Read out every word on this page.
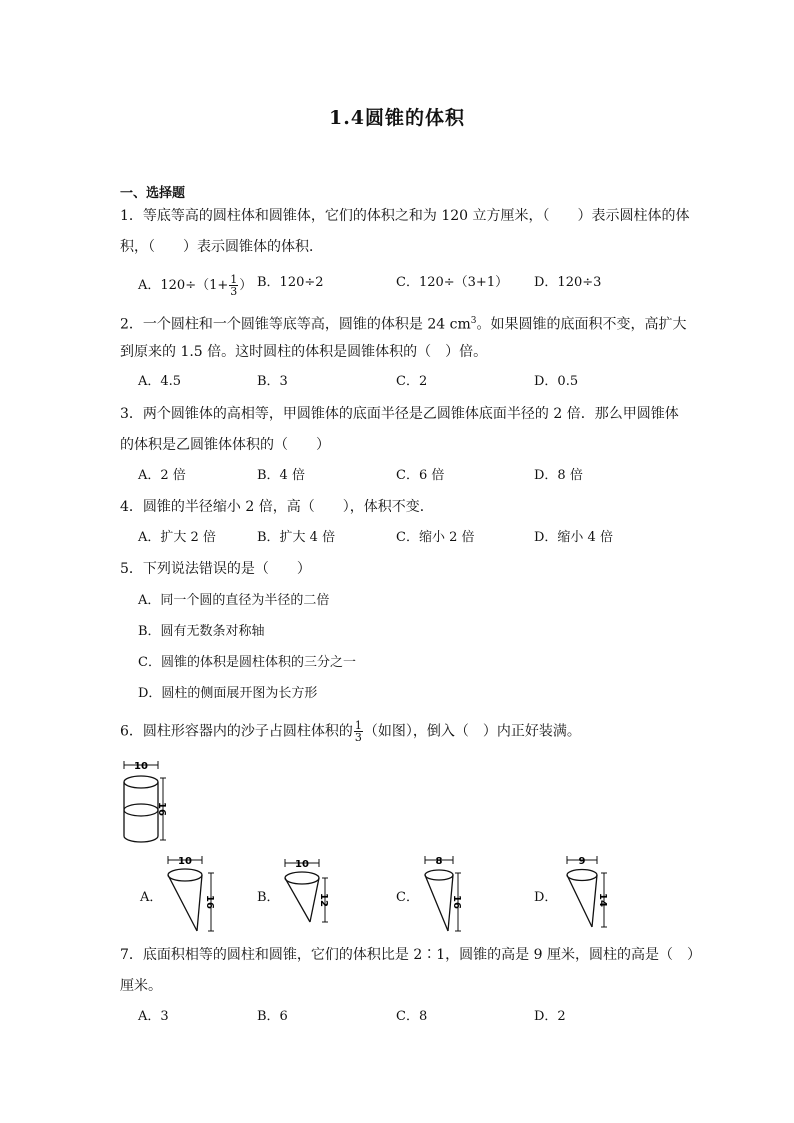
1.4圆锥的体积
一、选择题
1．等底等高的圆柱体和圆锥体，它们的体积之和为 120 立方厘米，（　　）表示圆柱体的体
积，（　　）表示圆锥体的体积．
A．$120\div(1+ \frac{1}{3}$ ） B．120÷2	C．120÷（3+1） D．120÷3
2．一个圆柱和一个圆锥等底等高，圆锥的体积是 24 $cm^3$。如果圆锥的底面积不变，高扩大
到原来的 1.5 倍。这时圆柱的体积是圆锥体积的（　）倍。
A．4.5	B．3	C．2	D．0.5
3．两个圆锥体的高相等，甲圆锥体的底面半径是乙圆锥体底面半径的 2 倍．那么甲圆锥体
的体积是乙圆锥体体积的（　　）
A．2 倍	B．4 倍	C．6 倍	D．8 倍
4．圆锥的半径缩小 2 倍，高（　　），体积不变．
A．扩大 2 倍	B．扩大 4 倍	C．缩小 2 倍	D．缩小 4 倍
5．下列说法错误的是（　　）
A．同一个圆的直径为半径的二倍
B．圆有无数条对称轴
C．圆锥的体积是圆柱体积的三分之一
D．圆柱的侧面展开图为长方形
6．圆柱形容器内的沙子占圆柱体积的 $\frac{1}{3}$ （如图），倒入（　）内正好装满。
10
16
A．
10
16	B．
10
12	C．
8
16	D．
9
14
7．底面积相等的圆柱和圆锥，它们的体积比是 2∶1，圆锥的高是 9 厘米，圆柱的高是（　）
厘米。
A．3	B．6	C．8	D．2
